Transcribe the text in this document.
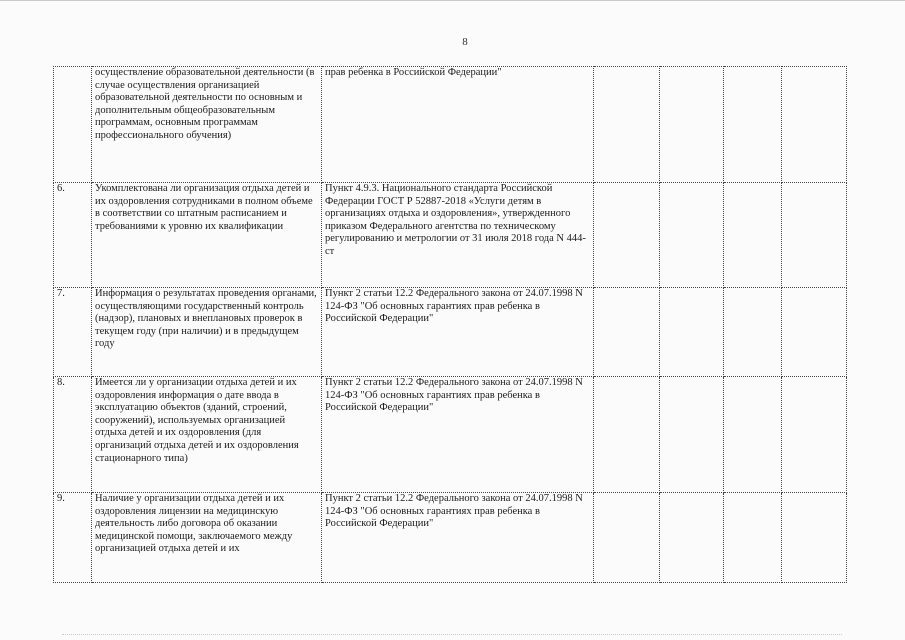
8
	осуществление образовательной деятельности (в случае осуществления организацией образовательной деятельности по основным и дополнительным общеобразовательным программам, основным программам профессионального обучения)	прав ребенка в Российской Федерации"				
6.	Укомплектована ли организация отдыха детей и их оздоровления сотрудниками в полном объеме в соответствии со штатным расписанием и требованиями к уровню их квалификации	Пункт 4.9.3. Национального стандарта Российской Федерации ГОСТ Р 52887-2018 «Услуги детям в организациях отдыха и оздоровления», утвержденного приказом Федерального агентства по техническому регулированию и метрологии от 31 июля 2018 года N 444-ст				
7.	Информация о результатах проведения органами, осуществляющими государственный контроль (надзор), плановых и внеплановых проверок в текущем году (при наличии) и в предыдущем году	Пункт 2 статьи 12.2 Федерального закона от 24.07.1998 N 124-ФЗ "Об основных гарантиях прав ребенка в Российской Федерации"				
8.	Имеется ли у организации отдыха детей и их оздоровления информация о дате ввода в эксплуатацию объектов (зданий, строений, сооружений), используемых организацией отдыха детей и их оздоровления (для организаций отдыха детей и их оздоровления стационарного типа)	Пункт 2 статьи 12.2 Федерального закона от 24.07.1998 N 124-ФЗ "Об основных гарантиях прав ребенка в Российской Федерации"				
9.	Наличие у организации отдыха детей и их оздоровления лицензии на медицинскую деятельность либо договора об оказании медицинской помощи, заключаемого между организацией отдыха детей и их	Пункт 2 статьи 12.2 Федерального закона от 24.07.1998 N 124-ФЗ "Об основных гарантиях прав ребенка в Российской Федерации"				
